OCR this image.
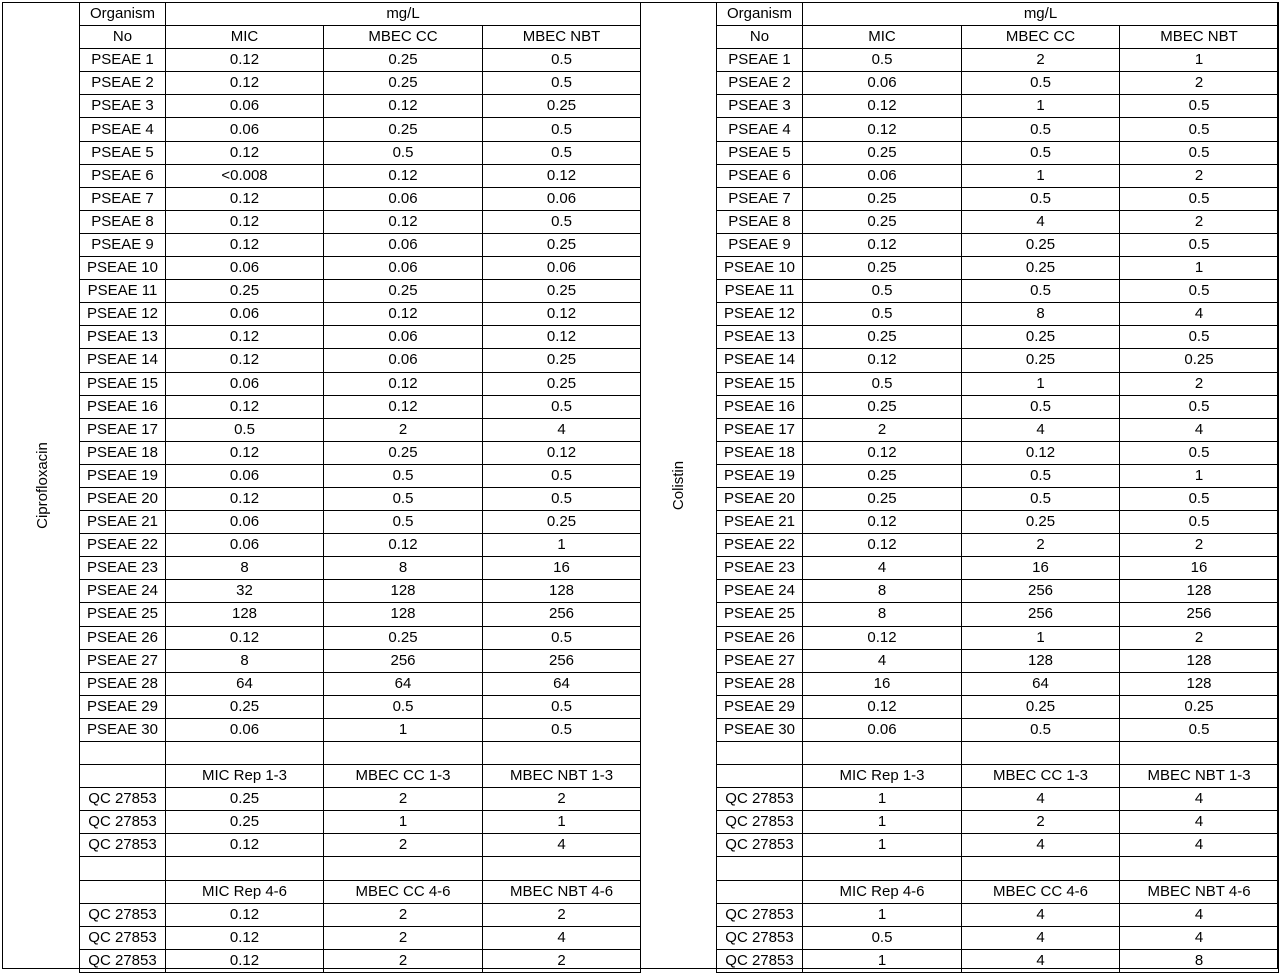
Ciprofloxacin	Colistin
Organism	mg/L		
No	MIC	MBEC CC	MBEC NBT
PSEAE 1	0.12	0.25	0.5
PSEAE 2	0.12	0.25	0.5
PSEAE 3	0.06	0.12	0.25
PSEAE 4	0.06	0.25	0.5
PSEAE 5	0.12	0.5	0.5
PSEAE 6	<0.008	0.12	0.12
PSEAE 7	0.12	0.06	0.06
PSEAE 8	0.12	0.12	0.5
PSEAE 9	0.12	0.06	0.25
PSEAE 10	0.06	0.06	0.06
PSEAE 11	0.25	0.25	0.25
PSEAE 12	0.06	0.12	0.12
PSEAE 13	0.12	0.06	0.12
PSEAE 14	0.12	0.06	0.25
PSEAE 15	0.06	0.12	0.25
PSEAE 16	0.12	0.12	0.5
PSEAE 17	0.5	2	4
PSEAE 18	0.12	0.25	0.12
PSEAE 19	0.06	0.5	0.5
PSEAE 20	0.12	0.5	0.5
PSEAE 21	0.06	0.5	0.25
PSEAE 22	0.06	0.12	1
PSEAE 23	8	8	16
PSEAE 24	32	128	128
PSEAE 25	128	128	256
PSEAE 26	0.12	0.25	0.5
PSEAE 27	8	256	256
PSEAE 28	64	64	64
PSEAE 29	0.25	0.5	0.5
PSEAE 30	0.06	1	0.5

	MIC Rep 1-3	MBEC CC 1-3	MBEC NBT 1-3
QC 27853	0.25	2	2
QC 27853	0.25	1	1
QC 27853	0.12	2	4

	MIC Rep 4-6	MBEC CC 4-6	MBEC NBT 4-6
QC 27853	0.12	2	2
QC 27853	0.12	2	4
QC 27853	0.12	2	2
Organism	mg/L		
No	MIC	MBEC CC	MBEC NBT
PSEAE 1	0.5	2	1
PSEAE 2	0.06	0.5	2
PSEAE 3	0.12	1	0.5
PSEAE 4	0.12	0.5	0.5
PSEAE 5	0.25	0.5	0.5
PSEAE 6	0.06	1	2
PSEAE 7	0.25	0.5	0.5
PSEAE 8	0.25	4	2
PSEAE 9	0.12	0.25	0.5
PSEAE 10	0.25	0.25	1
PSEAE 11	0.5	0.5	0.5
PSEAE 12	0.5	8	4
PSEAE 13	0.25	0.25	0.5
PSEAE 14	0.12	0.25	0.25
PSEAE 15	0.5	1	2
PSEAE 16	0.25	0.5	0.5
PSEAE 17	2	4	4
PSEAE 18	0.12	0.12	0.5
PSEAE 19	0.25	0.5	1
PSEAE 20	0.25	0.5	0.5
PSEAE 21	0.12	0.25	0.5
PSEAE 22	0.12	2	2
PSEAE 23	4	16	16
PSEAE 24	8	256	128
PSEAE 25	8	256	256
PSEAE 26	0.12	1	2
PSEAE 27	4	128	128
PSEAE 28	16	64	128
PSEAE 29	0.12	0.25	0.25
PSEAE 30	0.06	0.5	0.5

	MIC Rep 1-3	MBEC CC 1-3	MBEC NBT 1-3
QC 27853	1	4	4
QC 27853	1	2	4
QC 27853	1	4	4

	MIC Rep 4-6	MBEC CC 4-6	MBEC NBT 4-6
QC 27853	1	4	4
QC 27853	0.5	4	4
QC 27853	1	4	8
